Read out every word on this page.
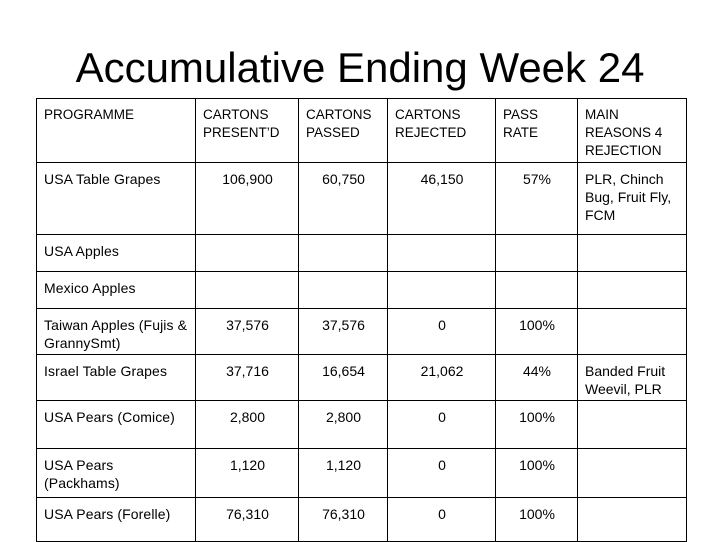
Accumulative Ending Week 24
PROGRAMME	CARTONS PRESENT’D	CARTONS PASSED	CARTONS REJECTED	PASS RATE	MAIN REASONS 4 REJECTION
USA Table Grapes	106,900	60,750	46,150	57%	PLR, Chinch Bug, Fruit Fly, FCM
USA Apples					
Mexico Apples					
Taiwan Apples (Fujis & GrannySmt)	37,576	37,576	0	100%	
Israel Table Grapes	37,716	16,654	21,062	44%	Banded Fruit Weevil, PLR
USA Pears (Comice)	2,800	2,800	0	100%	
USA Pears (Packhams)	1,120	1,120	0	100%	
USA Pears (Forelle)	76,310	76,310	0	100%	
